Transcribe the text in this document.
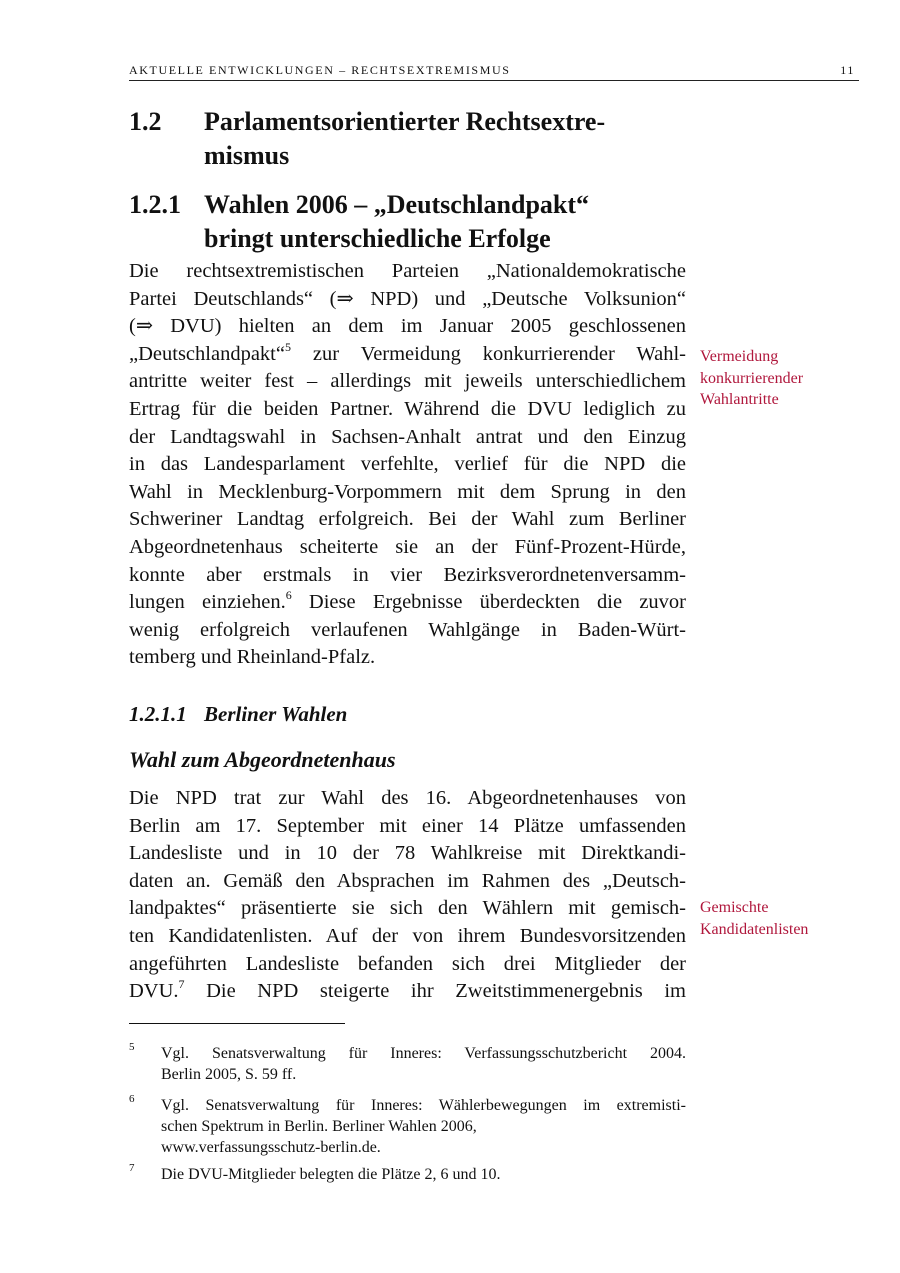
AKTUELLE ENTWICKLUNGEN – RECHTSEXTREMISMUS	11
1.2 Parlamentsorientierter Rechtsextre-
mismus
1.2.1 Wahlen 2006 – „Deutschlandpakt“
bringt unterschiedliche Erfolge
Die rechtsextremistischen Parteien „Nationaldemokratische
Partei Deutschlands“ (⇒ NPD) und „Deutsche Volksunion“
(⇒ DVU) hielten an dem im Januar 2005 geschlossenen
„Deutschlandpakt“$^5$ zur Vermeidung konkurrierender Wahl-
antritte weiter fest – allerdings mit jeweils unterschiedlichem
Ertrag für die beiden Partner. Während die DVU lediglich zu
der Landtagswahl in Sachsen-Anhalt antrat und den Einzug
in das Landesparlament verfehlte, verlief für die NPD die
Wahl in Mecklenburg-Vorpommern mit dem Sprung in den
Schweriner Landtag erfolgreich. Bei der Wahl zum Berliner
Abgeordnetenhaus scheiterte sie an der Fünf-Prozent-Hürde,
konnte aber erstmals in vier Bezirksverordnetenversamm-
lungen einziehen.$^6$ Diese Ergebnisse überdeckten die zuvor
wenig erfolgreich verlaufenen Wahlgänge in Baden-Würt-
temberg und Rheinland-Pfalz.
Vermeidung
konkurrierender
Wahlantritte
1.2.1.1 Berliner Wahlen
Wahl zum Abgeordnetenhaus
Die NPD trat zur Wahl des 16. Abgeordnetenhauses von
Berlin am 17. September mit einer 14 Plätze umfassenden
Landesliste und in 10 der 78 Wahlkreise mit Direktkandi-
daten an. Gemäß den Absprachen im Rahmen des „Deutsch-
landpaktes“ präsentierte sie sich den Wählern mit gemisch-
ten Kandidatenlisten. Auf der von ihrem Bundesvorsitzenden
angeführten Landesliste befanden sich drei Mitglieder der
DVU.$^7$ Die NPD steigerte ihr Zweitstimmenergebnis im
Gemischte
Kandidatenlisten
5 Vgl. Senatsverwaltung für Inneres: Verfassungsschutzbericht 2004.
Berlin 2005, S. 59 ff.
6 Vgl. Senatsverwaltung für Inneres: Wählerbewegungen im extremisti-
schen Spektrum in Berlin. Berliner Wahlen 2006,
www.verfassungsschutz-berlin.de.
7 Die DVU-Mitglieder belegten die Plätze 2, 6 und 10.
